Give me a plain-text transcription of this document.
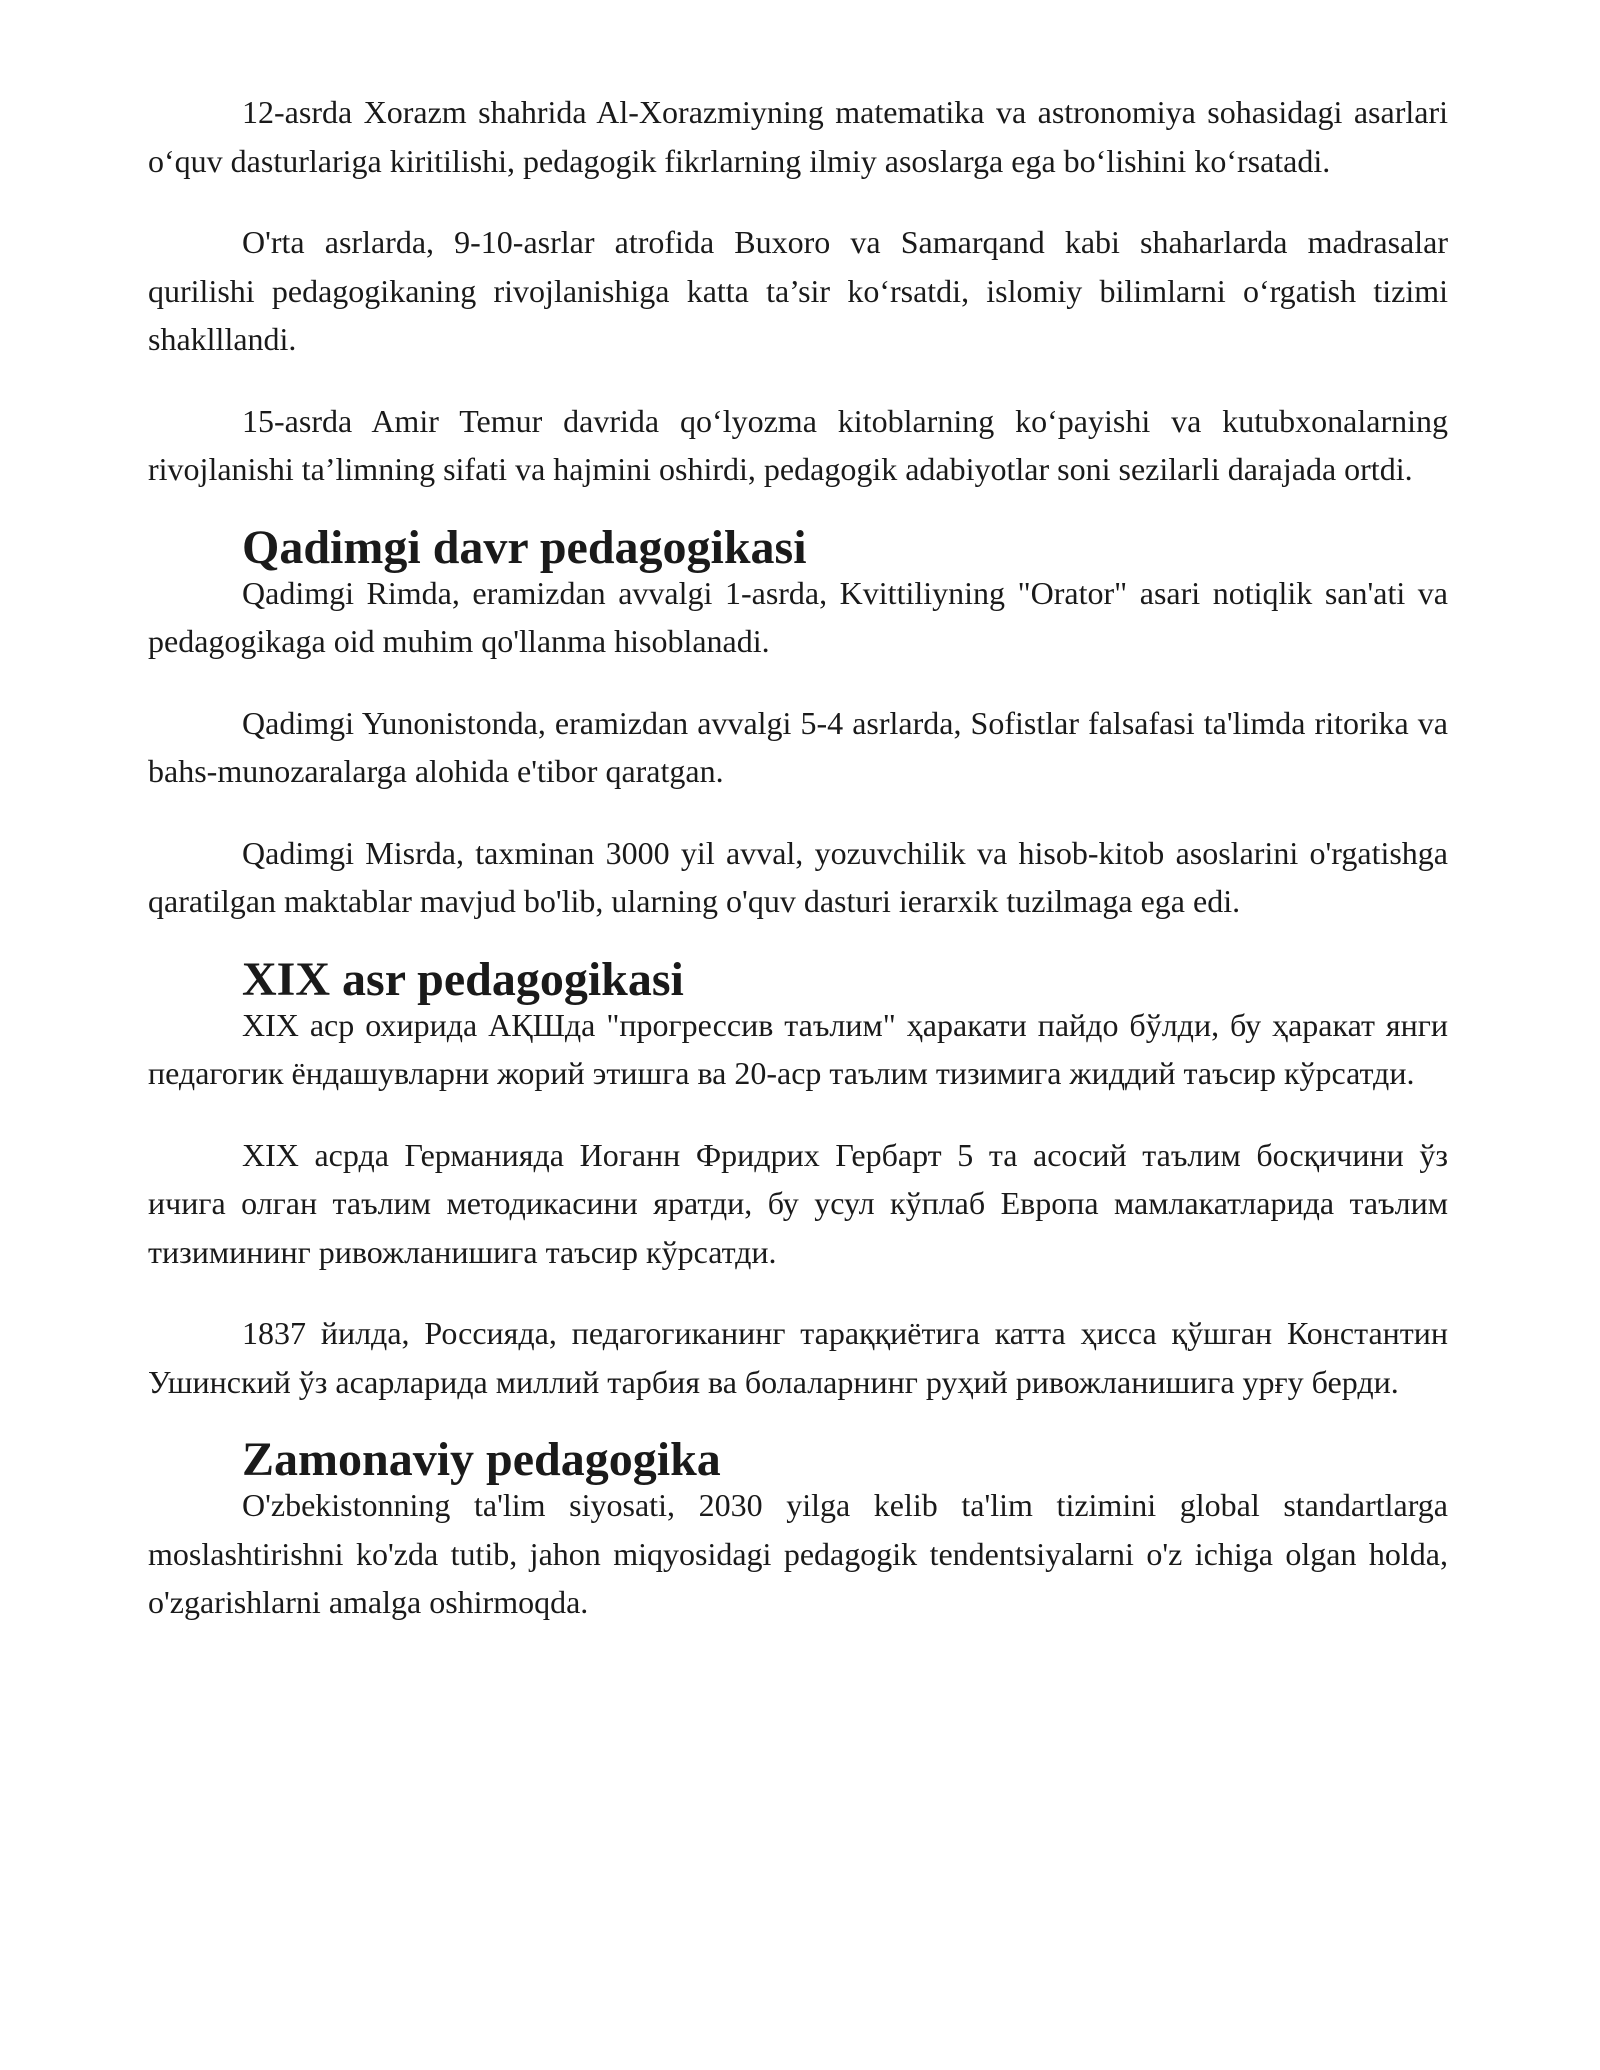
12-asrda Xorazm shahrida Al-Xorazmiyning matematika va astronomiya sohasidagi asarlari o‘quv dasturlariga kiritilishi, pedagogik fikrlarning ilmiy asoslarga ega bo‘lishini ko‘rsatadi.

O'rta asrlarda, 9-10-asrlar atrofida Buxoro va Samarqand kabi shaharlarda madrasalar qurilishi pedagogikaning rivojlanishiga katta ta’sir ko‘rsatdi, islomiy bilimlarni o‘rgatish tizimi shaklllandi.

15-asrda Amir Temur davrida qo‘lyozma kitoblarning ko‘payishi va kutubxonalarning rivojlanishi ta’limning sifati va hajmini oshirdi, pedagogik adabiyotlar soni sezilarli darajada ortdi.

Qadimgi davr pedagogikasi

Qadimgi Rimda, eramizdan avvalgi 1-asrda, Kvittiliyning "Orator" asari notiqlik san'ati va pedagogikaga oid muhim qo'llanma hisoblanadi.

Qadimgi Yunonistonda, eramizdan avvalgi 5-4 asrlarda, Sofistlar falsafasi ta'limda ritorika va bahs-munozaralarga alohida e'tibor qaratgan.

Qadimgi Misrda, taxminan 3000 yil avval, yozuvchilik va hisob-kitob asoslarini o'rgatishga qaratilgan maktablar mavjud bo'lib, ularning o'quv dasturi ierarxik tuzilmaga ega edi.

XIX asr pedagogikasi

XIX аср охирида АҚШда "прогрессив таълим" ҳаракати пайдо бўлди, бу ҳаракат янги педагогик ёндашувларни жорий этишга ва 20-аср таълим тизимига жиддий таъсир кўрсатди.

XIX асрда Германияда Иоганн Фридрих Гербарт 5 та асосий таълим босқичини ўз ичига олган таълим методикасини яратди, бу усул кўплаб Европа мамлакатларида таълим тизимининг ривожланишига таъсир кўрсатди.

1837 йилда, Россияда, педагогиканинг тараққиётига катта ҳисса қўшган Константин Ушинский ўз асарларида миллий тарбия ва болаларнинг руҳий ривожланишига урғу берди.

Zamonaviy pedagogika

O'zbekistonning ta'lim siyosati, 2030 yilga kelib ta'lim tizimini global standartlarga moslashtirishni ko'zda tutib, jahon miqyosidagi pedagogik tendentsiyalarni o'z ichiga olgan holda, o'zgarishlarni amalga oshirmoqda.
